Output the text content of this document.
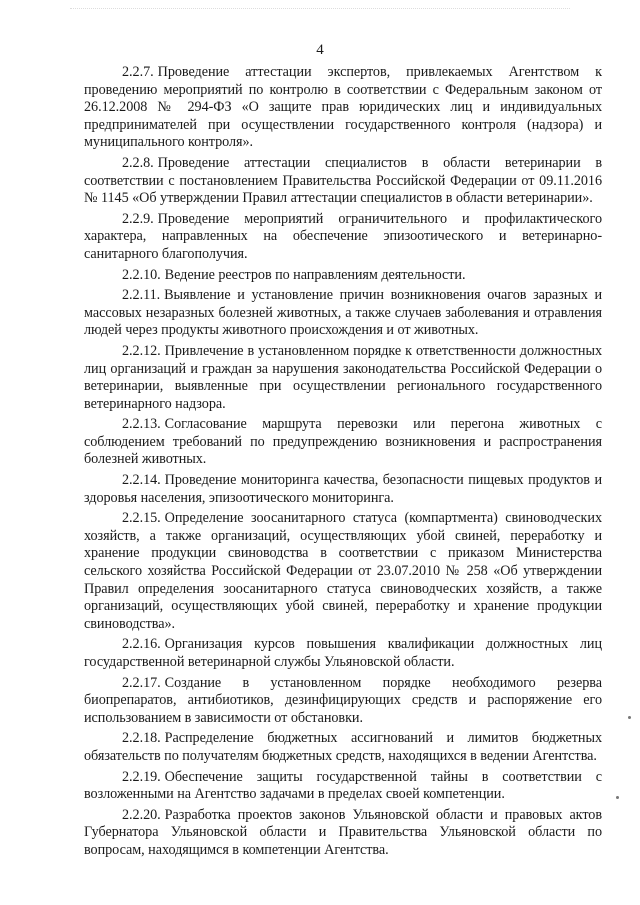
4

2.2.7. Проведение аттестации экспертов, привлекаемых Агентством к проведению мероприятий по контролю в соответствии с Федеральным законом от 26.12.2008 № 294-ФЗ «О защите прав юридических лиц и индивидуальных предпринимателей при осуществлении государственного контроля (надзора) и муниципального контроля».

2.2.8. Проведение аттестации специалистов в области ветеринарии в соответствии с постановлением Правительства Российской Федерации от 09.11.2016 № 1145 «Об утверждении Правил аттестации специалистов в области ветеринарии».

2.2.9. Проведение мероприятий ограничительного и профилактического характера, направленных на обеспечение эпизоотического и ветеринарно-санитарного благополучия.

2.2.10. Ведение реестров по направлениям деятельности.

2.2.11. Выявление и установление причин возникновения очагов заразных и массовых незаразных болезней животных, а также случаев заболевания и отравления людей через продукты животного происхождения и от животных.

2.2.12. Привлечение в установленном порядке к ответственности должностных лиц организаций и граждан за нарушения законодательства Российской Федерации о ветеринарии, выявленные при осуществлении регионального государственного ветеринарного надзора.

2.2.13. Согласование маршрута перевозки или перегона животных с соблюдением требований по предупреждению возникновения и распространения болезней животных.

2.2.14. Проведение мониторинга качества, безопасности пищевых продуктов и здоровья населения, эпизоотического мониторинга.

2.2.15. Определение зоосанитарного статуса (компартмента) свиноводческих хозяйств, а также организаций, осуществляющих убой свиней, переработку и хранение продукции свиноводства в соответствии с приказом Министерства сельского хозяйства Российской Федерации от 23.07.2010 № 258 «Об утверждении Правил определения зоосанитарного статуса свиноводческих хозяйств, а также организаций, осуществляющих убой свиней, переработку и хранение продукции свиноводства».

2.2.16. Организация курсов повышения квалификации должностных лиц государственной ветеринарной службы Ульяновской области.

2.2.17. Создание в установленном порядке необходимого резерва биопрепаратов, антибиотиков, дезинфицирующих средств и распоряжение его использованием в зависимости от обстановки.

2.2.18. Распределение бюджетных ассигнований и лимитов бюджетных обязательств по получателям бюджетных средств, находящихся в ведении Агентства.

2.2.19. Обеспечение защиты государственной тайны в соответствии с возложенными на Агентство задачами в пределах своей компетенции.

2.2.20. Разработка проектов законов Ульяновской области и правовых актов Губернатора Ульяновской области и Правительства Ульяновской области по вопросам, находящимся в компетенции Агентства.
